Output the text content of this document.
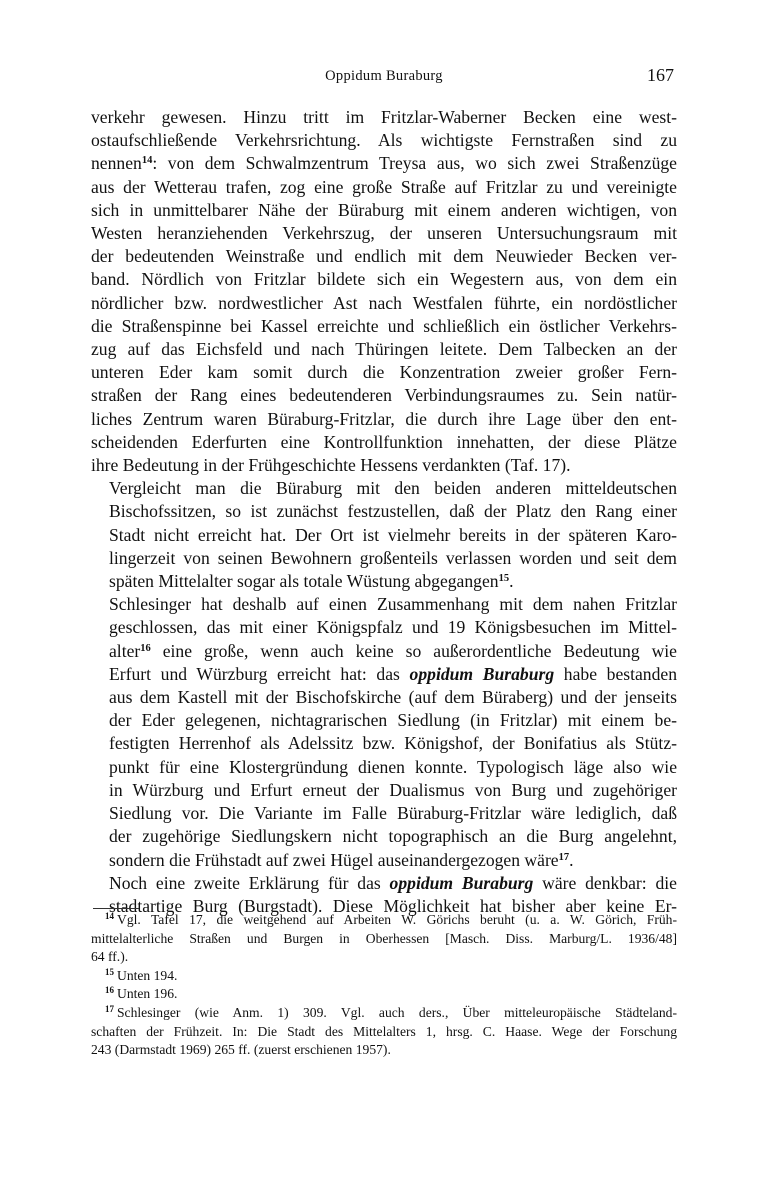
Oppidum Buraburg	167
verkehr gewesen. Hinzu tritt im Fritzlar-Waberner Becken eine west-
ostaufschließende Verkehrsrichtung. Als wichtigste Fernstraßen sind zu
nennen$^{14}$: von dem Schwalmzentrum Treysa aus, wo sich zwei Straßenzüge
aus der Wetterau trafen, zog eine große Straße auf Fritzlar zu und vereinigte
sich in unmittelbarer Nähe der Büraburg mit einem anderen wichtigen, von
Westen heranziehenden Verkehrszug, der unseren Untersuchungsraum mit
der bedeutenden Weinstraße und endlich mit dem Neuwieder Becken ver-
band. Nördlich von Fritzlar bildete sich ein Wegestern aus, von dem ein
nördlicher bzw. nordwestlicher Ast nach Westfalen führte, ein nordöstlicher
die Straßenspinne bei Kassel erreichte und schließlich ein östlicher Verkehrs-
zug auf das Eichsfeld und nach Thüringen leitete. Dem Talbecken an der
unteren Eder kam somit durch die Konzentration zweier großer Fern-
straßen der Rang eines bedeutenderen Verbindungsraumes zu. Sein natür-
liches Zentrum waren Büraburg-Fritzlar, die durch ihre Lage über den ent-
scheidenden Ederfurten eine Kontrollfunktion innehatten, der diese Plätze
ihre Bedeutung in der Frühgeschichte Hessens verdankten (Taf. 17).
Vergleicht man die Büraburg mit den beiden anderen mitteldeutschen
Bischofssitzen, so ist zunächst festzustellen, daß der Platz den Rang einer
Stadt nicht erreicht hat. Der Ort ist vielmehr bereits in der späteren Karo-
lingerzeit von seinen Bewohnern großenteils verlassen worden und seit dem
späten Mittelalter sogar als totale Wüstung abgegangen$^{15}$.
Schlesinger hat deshalb auf einen Zusammenhang mit dem nahen Fritzlar
geschlossen, das mit einer Königspfalz und 19 Königsbesuchen im Mittel-
alter$^{16}$ eine große, wenn auch keine so außerordentliche Bedeutung wie
Erfurt und Würzburg erreicht hat: das oppidum Buraburg habe bestanden
aus dem Kastell mit der Bischofskirche (auf dem Büraberg) und der jenseits
der Eder gelegenen, nichtagrarischen Siedlung (in Fritzlar) mit einem be-
festigten Herrenhof als Adelssitz bzw. Königshof, der Bonifatius als Stütz-
punkt für eine Klostergründung dienen konnte. Typologisch läge also wie
in Würzburg und Erfurt erneut der Dualismus von Burg und zugehöriger
Siedlung vor. Die Variante im Falle Büraburg-Fritzlar wäre lediglich, daß
der zugehörige Siedlungskern nicht topographisch an die Burg angelehnt,
sondern die Frühstadt auf zwei Hügel auseinandergezogen wäre$^{17}$.
Noch eine zweite Erklärung für das oppidum Buraburg wäre denkbar: die
stadtartige Burg (Burgstadt). Diese Möglichkeit hat bisher aber keine Er-
$^{14}$ Vgl. Tafel 17, die weitgehend auf Arbeiten W. Görichs beruht (u. a. W. Görich, Früh-
mittelalterliche Straßen und Burgen in Oberhessen [Masch. Diss. Marburg/L. 1936/48]
64 ff.).
$^{15}$ Unten 194.
$^{16}$ Unten 196.
$^{17}$ Schlesinger (wie Anm. 1) 309. Vgl. auch ders., Über mitteleuropäische Städteland-
schaften der Frühzeit. In: Die Stadt des Mittelalters 1, hrsg. C. Haase. Wege der Forschung
243 (Darmstadt 1969) 265 ff. (zuerst erschienen 1957).
